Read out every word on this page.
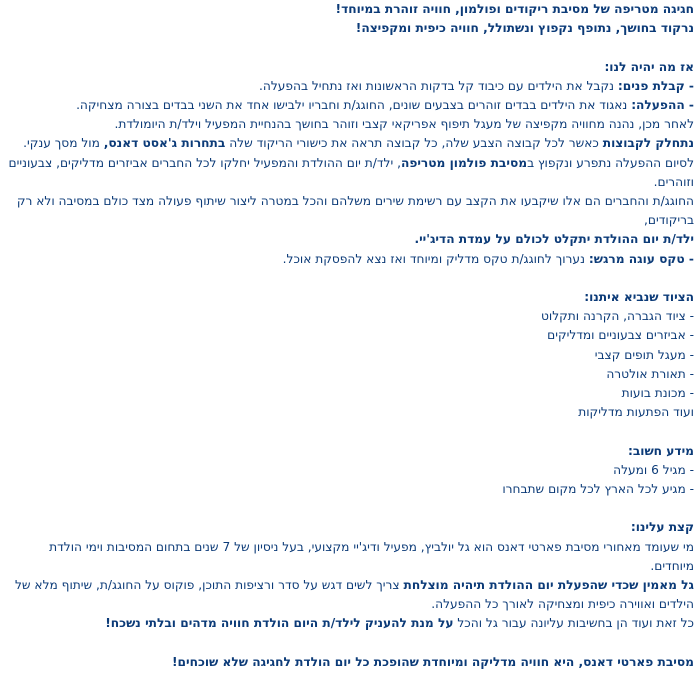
חגיגה מטריפה של מסיבת ריקודים ופולמון, חוויה זוהרת במיוחד!

נרקוד בחושך, נתופף נקפוץ ונשתולל, חוויה כיפית ומקפיצה!

אז מה יהיה לנו:

- קבלת פנים: נקבל את הילדים עם כיבוד קל בדקות הראשונות ואז נתחיל בהפעלה.

- ההפעלה: נאגוד את הילדים בבדים זוהרים בצבעים שונים, החוגג/ת וחבריו ילבישו אחד את השני בבדים בצורה מצחיקה.

לאחר מכן, נהנה מחוויה מקפיצה של מעגל תיפוף אפריקאי קצבי וזוהר בחושך בהנחיית המפעיל וילד/ת היומולדת.

נתחלק לקבוצות כאשר לכל קבוצה הצבע שלה, כל קבוצה תראה את כישורי הריקוד שלה בתחרות ג'אסט דאנס, מול מסך ענקי.

לסיום ההפעלה נתפרע ונקפוץ במסיבת פולמון מטריפה, ילד/ת יום ההולדת והמפעיל יחלקו לכל החברים אביזרים מדליקים, צבעוניים וזוהרים.

החוגג/ת והחברים הם אלו שיקבעו את הקצב עם רשימת שירים משלהם והכל במטרה ליצור שיתוף פעולה מצד כולם במסיבה ולא רק בריקודים,

ילד/ת יום ההולדת יתקלט לכולם על עמדת הדיג'יי.

- טקס עוגה מרגש: נערוך לחוגג/ת טקס מדליק ומיוחד ואז נצא להפסקת אוכל.

הציוד שנביא איתנו:

- ציוד הגברה, הקרנה ותקלוט

- אביזרים צבעוניים ומדליקים

- מעגל תופים קצבי

- תאורת אולטרה

- מכונת בועות

ועוד הפתעות מדליקות

מידע חשוב:

- מגיל 6 ומעלה

- מגיע לכל הארץ לכל מקום שתבחרו

קצת עלינו:

מי שעומד מאחורי מסיבת פארטי דאנס הוא גל יולביץ, מפעיל ודיג'יי מקצועי, בעל ניסיון של 7 שנים בתחום המסיבות וימי הולדת מיוחדים.

גל מאמין שכדי שהפעלת יום ההולדת תיהיה מוצלחת צריך לשים דגש על סדר ורציפות התוכן, פוקוס על החוגג/ת, שיתוף מלא של הילדים ואווירה כיפית ומצחיקה לאורך כל ההפעלה.

כל זאת ועוד הן בחשיבות עליונה עבור גל והכל על מנת להעניק לילד/ת היום הולדת חוויה מדהים ובלתי נשכח!

מסיבת פארטי דאנס, היא חוויה מדליקה ומיוחדת שהופכת כל יום הולדת לחגיגה שלא שוכחים!
